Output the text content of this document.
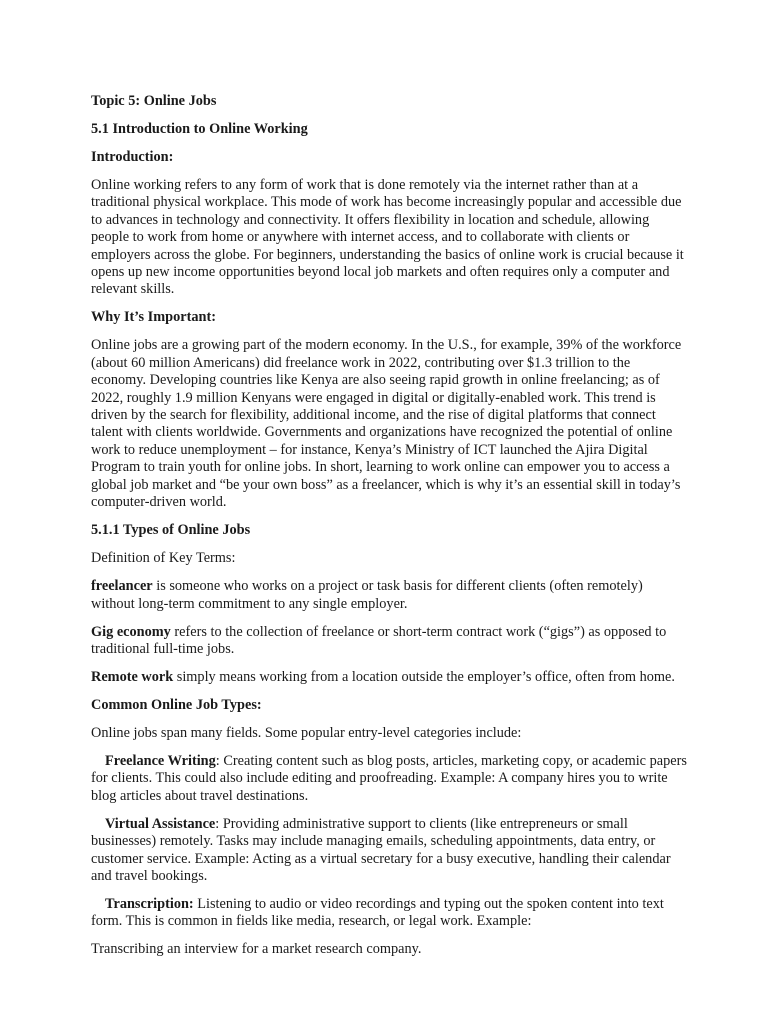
Topic 5: Online Jobs

5.1 Introduction to Online Working

Introduction:

Online working refers to any form of work that is done remotely via the internet rather than at a traditional physical workplace. This mode of work has become increasingly popular and accessible due to advances in technology and connectivity. It offers flexibility in location and schedule, allowing people to work from home or anywhere with internet access, and to collaborate with clients or employers across the globe. For beginners, understanding the basics of online work is crucial because it opens up new income opportunities beyond local job markets and often requires only a computer and relevant skills.

Why It’s Important:

Online jobs are a growing part of the modern economy. In the U.S., for example, 39% of the workforce (about 60 million Americans) did freelance work in 2022, contributing over $1.3 trillion to the economy. Developing countries like Kenya are also seeing rapid growth in online freelancing; as of 2022, roughly 1.9 million Kenyans were engaged in digital or digitally-enabled work. This trend is driven by the search for flexibility, additional income, and the rise of digital platforms that connect talent with clients worldwide. Governments and organizations have recognized the potential of online work to reduce unemployment – for instance, Kenya’s Ministry of ICT launched the Ajira Digital Program to train youth for online jobs. In short, learning to work online can empower you to access a global job market and “be your own boss” as a freelancer, which is why it’s an essential skill in today’s computer-driven world.

5.1.1 Types of Online Jobs

Definition of Key Terms:

freelancer is someone who works on a project or task basis for different clients (often remotely) without long-term commitment to any single employer.

Gig economy refers to the collection of freelance or short-term contract work (“gigs”) as opposed to traditional full-time jobs.

Remote work simply means working from a location outside the employer’s office, often from home.

Common Online Job Types:

Online jobs span many fields. Some popular entry-level categories include:

Freelance Writing: Creating content such as blog posts, articles, marketing copy, or academic papers for clients. This could also include editing and proofreading. Example: A company hires you to write blog articles about travel destinations.

Virtual Assistance: Providing administrative support to clients (like entrepreneurs or small businesses) remotely. Tasks may include managing emails, scheduling appointments, data entry, or customer service. Example: Acting as a virtual secretary for a busy executive, handling their calendar and travel bookings.

Transcription: Listening to audio or video recordings and typing out the spoken content into text form. This is common in fields like media, research, or legal work. Example:

Transcribing an interview for a market research company.
